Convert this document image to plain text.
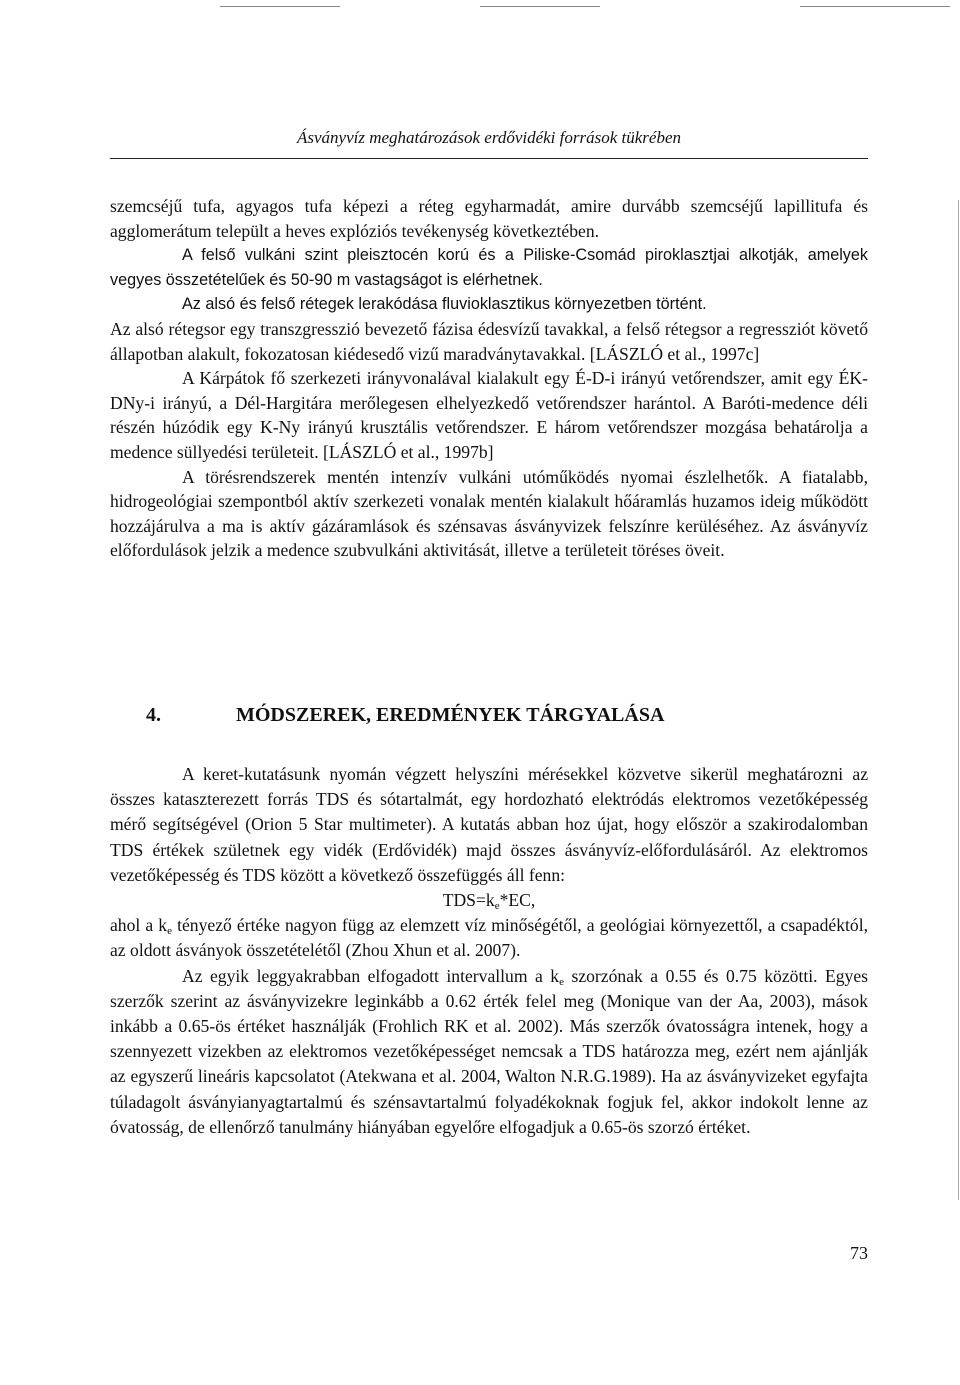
Ásványvíz meghatározások erdővidéki források tükrében

szemcséjű tufa, agyagos tufa képezi a réteg egyharmadát, amire durvább szemcséjű lapillitufa és agglomerátum települt a heves explóziós tevékenység következtében.

A felső vulkáni szint pleisztocén korú és a Piliske-Csomád piroklasztjai alkotják, amelyek vegyes összetételűek és 50-90 m vastagságot is elérhetnek.

Az alsó és felső rétegek lerakódása fluvioklasztikus környezetben történt.

Az alsó rétegsor egy transzgresszió bevezető fázisa édesvízű tavakkal, a felső rétegsor a regressziót követő állapotban alakult, fokozatosan kiédesedő vizű maradványtavakkal. [LÁSZLÓ et al., 1997c]

A Kárpátok fő szerkezeti irányvonalával kialakult egy É-D-i irányú vetőrendszer, amit egy ÉK-DNy-i irányú, a Dél-Hargitára merőlegesen elhelyezkedő vetőrendszer harántol. A Baróti-medence déli részén húzódik egy K-Ny irányú krusztális vetőrendszer. E három vetőrendszer mozgása behatárolja a medence süllyedési területeit. [LÁSZLÓ et al., 1997b]

A törésrendszerek mentén intenzív vulkáni utóműködés nyomai észlelhetők. A fiatalabb, hidrogeológiai szempontból aktív szerkezeti vonalak mentén kialakult hőáramlás huzamos ideig működött hozzájárulva a ma is aktív gázáramlások és szénsavas ásványvizek felszínre kerüléséhez. Az ásványvíz előfordulások jelzik a medence szubvulkáni aktivitását, illetve a területeit töréses öveit.

4.	MÓDSZEREK, EREDMÉNYEK TÁRGYALÁSA

A keret-kutatásunk nyomán végzett helyszíni mérésekkel közvetve sikerül meghatározni az összes kataszterezett forrás TDS és sótartalmát, egy hordozható elektródás elektromos vezetőképesség mérő segítségével (Orion 5 Star multimeter). A kutatás abban hoz újat, hogy először a szakirodalomban TDS értékek születnek egy vidék (Erdővidék) majd összes ásványvíz-előfordulásáról. Az elektromos vezetőképesség és TDS között a következő összefüggés áll fenn:

$TDS=k_e*EC$,

ahol a $k_e$ tényező értéke nagyon függ az elemzett víz minőségétől, a geológiai környezettől, a csapadéktól, az oldott ásványok összetételétől (Zhou Xhun et al. 2007).

Az egyik leggyakrabban elfogadott intervallum a $k_e$ szorzónak a 0.55 és 0.75 közötti. Egyes szerzők szerint az ásványvizekre leginkább a 0.62 érték felel meg (Monique van der Aa, 2003), mások inkább a 0.65-ös értéket használják (Frohlich RK et al. 2002). Más szerzők óvatosságra intenek, hogy a szennyezett vizekben az elektromos vezetőképességet nemcsak a TDS határozza meg, ezért nem ajánlják az egyszerű lineáris kapcsolatot (Atekwana et al. 2004, Walton N.R.G.1989). Ha az ásványvizeket egyfajta túladagolt ásványianyagtartalmú és szénsavtartalmú folyadékoknak fogjuk fel, akkor indokolt lenne az óvatosság, de ellenőrző tanulmány hiányában egyelőre elfogadjuk a 0.65-ös szorzó értéket.

73
